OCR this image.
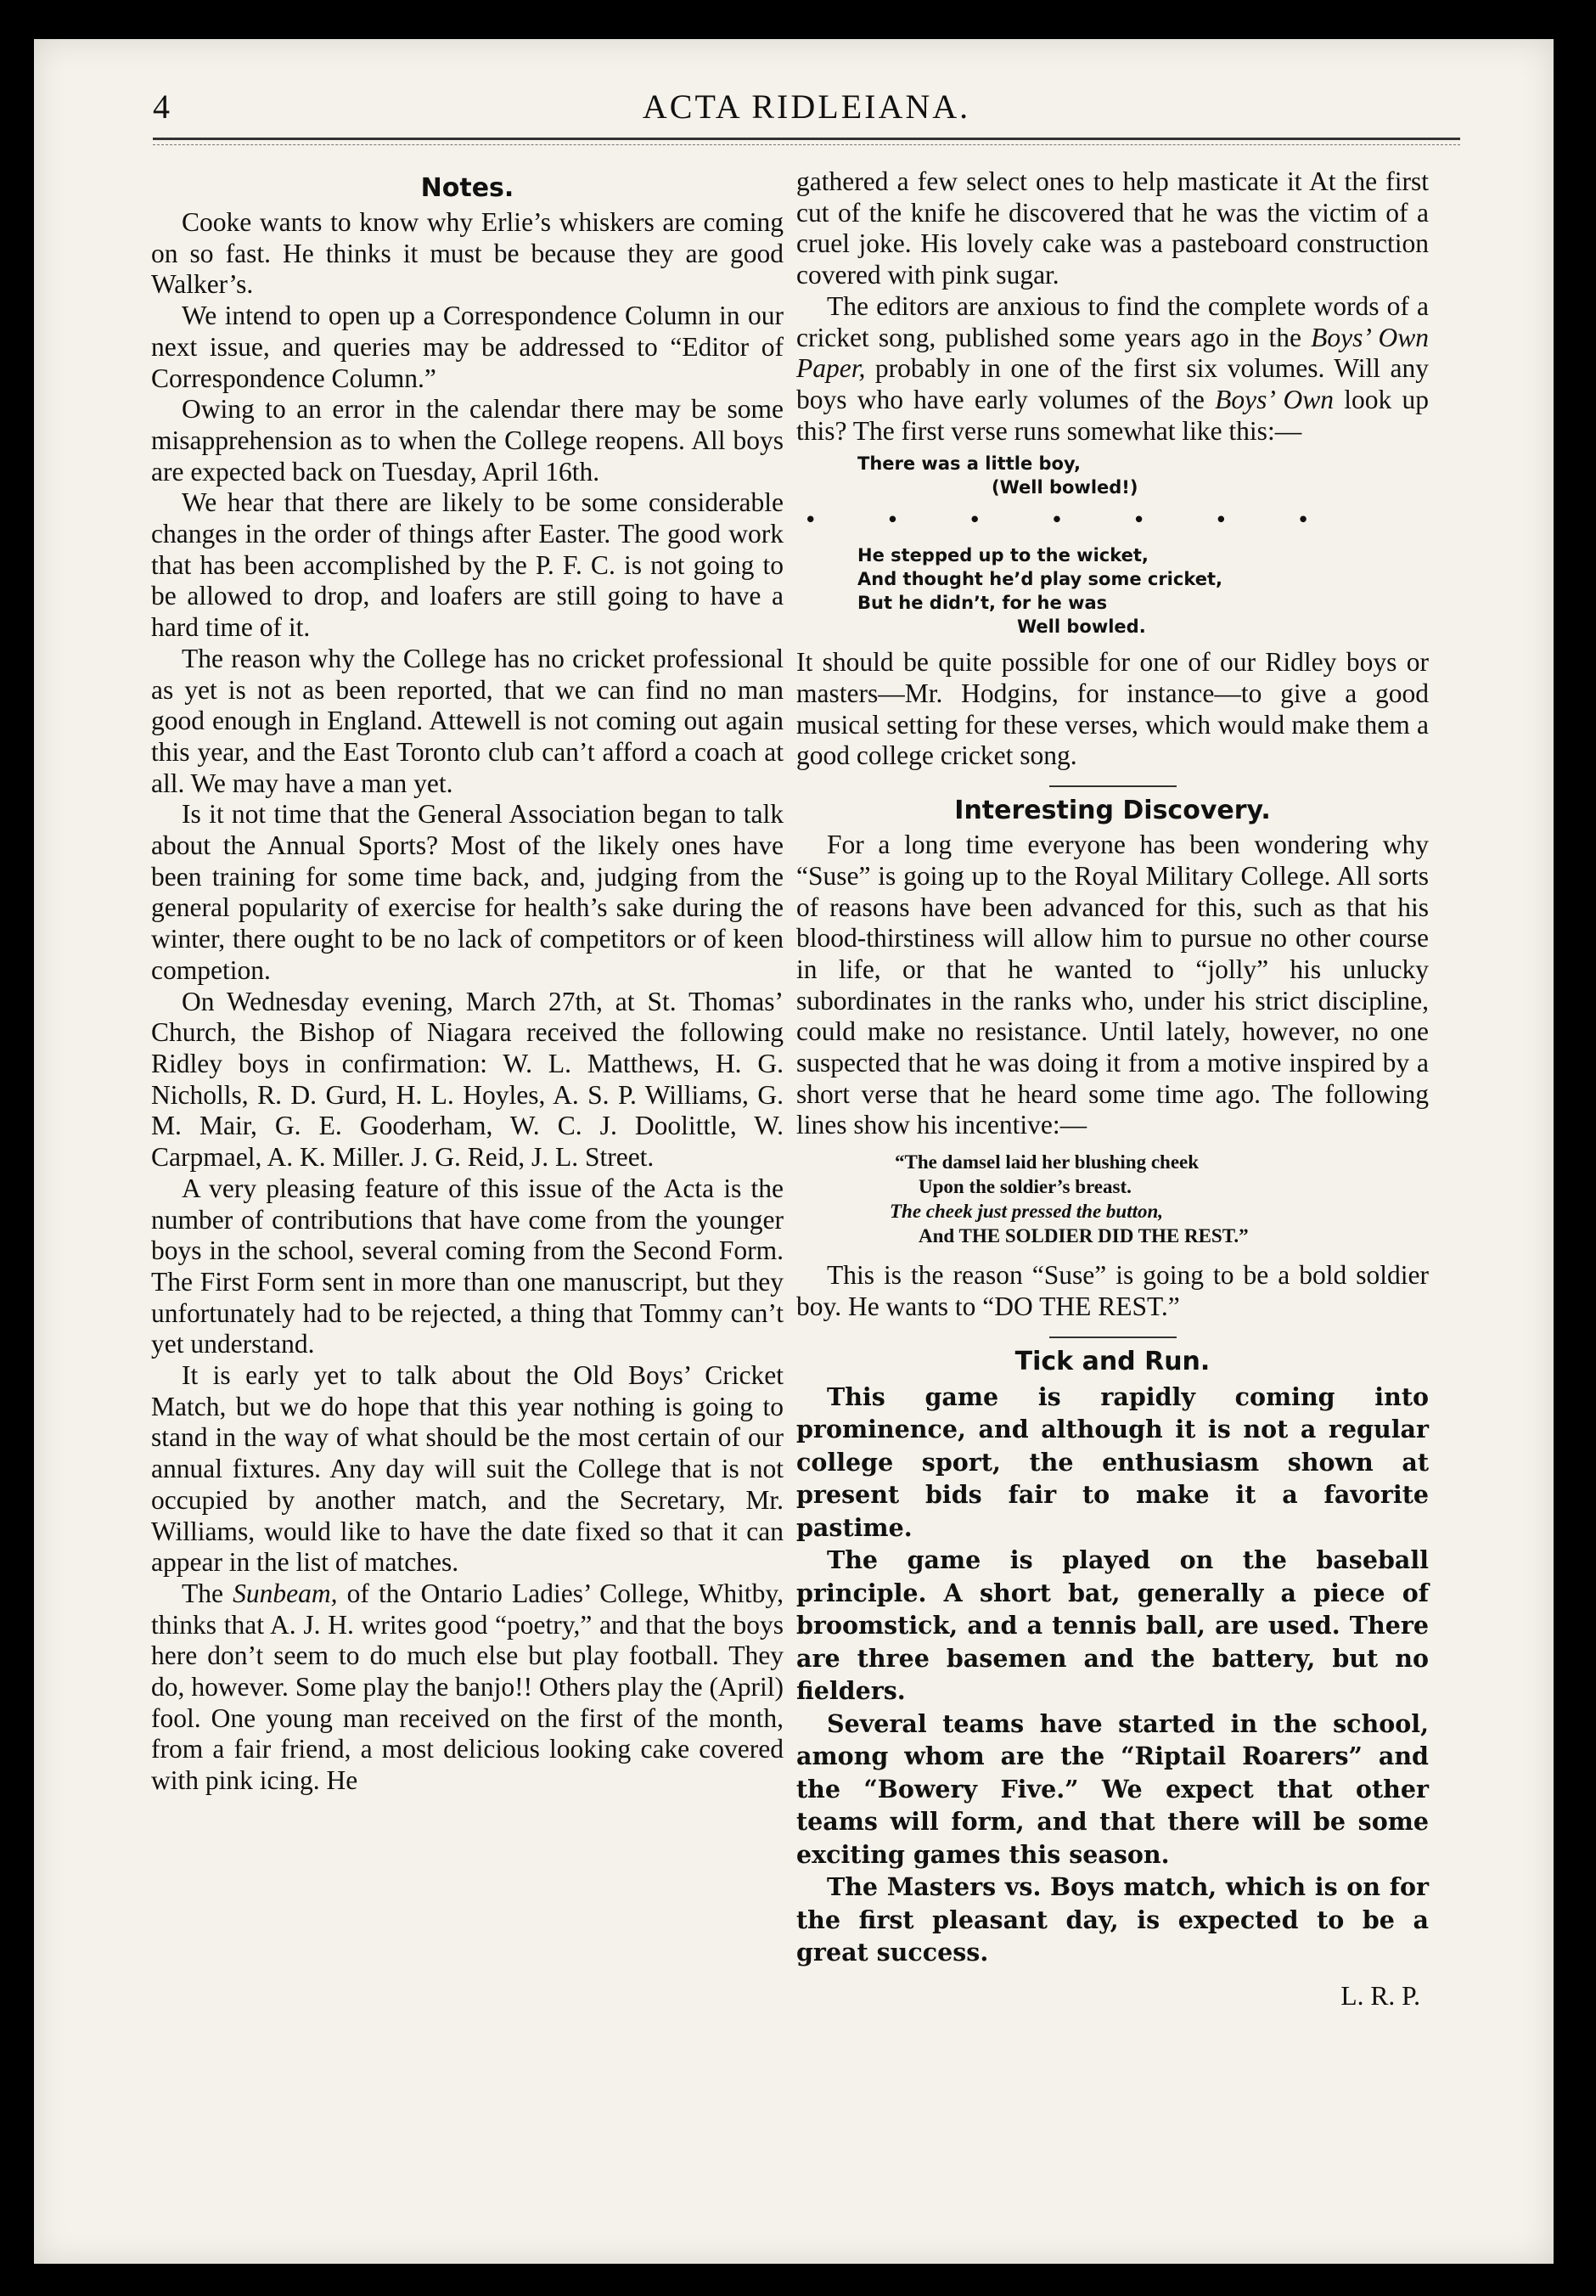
4	ACTA RIDLEIANA.
Notes.

Cooke wants to know why Erlie’s whiskers are coming on so fast. He thinks it must be because they are good Walker’s.

We intend to open up a Correspondence Column in our next issue, and queries may be addressed to “Editor of Correspondence Column.”

Owing to an error in the calendar there may be some misapprehension as to when the College reopens. All boys are expected back on Tuesday, April 16th.

We hear that there are likely to be some considerable changes in the order of things after Easter. The good work that has been accomplished by the P. F. C. is not going to be allowed to drop, and loafers are still going to have a hard time of it.

The reason why the College has no cricket professional as yet is not as been reported, that we can find no man good enough in England. Attewell is not coming out again this year, and the East Toronto club can’t afford a coach at all. We may have a man yet.

Is it not time that the General Association began to talk about the Annual Sports? Most of the likely ones have been training for some time back, and, judging from the general popularity of exercise for health’s sake during the winter, there ought to be no lack of competitors or of keen competion.

On Wednesday evening, March 27th, at St. Thomas’ Church, the Bishop of Niagara received the following Ridley boys in confirmation: W. L. Matthews, H. G. Nicholls, R. D. Gurd, H. L. Hoyles, A. S. P. Williams, G. M. Mair, G. E. Gooderham, W. C. J. Doolittle, W. Carpmael, A. K. Miller. J. G. Reid, J. L. Street.

A very pleasing feature of this issue of the Acta is the number of contributions that have come from the younger boys in the school, several coming from the Second Form. The First Form sent in more than one manuscript, but they unfortunately had to be rejected, a thing that Tommy can’t yet understand.

It is early yet to talk about the Old Boys’ Cricket Match, but we do hope that this year nothing is going to stand in the way of what should be the most certain of our annual fixtures. Any day will suit the College that is not occupied by another match, and the Secretary, Mr. Williams, would like to have the date fixed so that it can appear in the list of matches.

The Sunbeam, of the Ontario Ladies’ College, Whitby, thinks that A. J. H. writes good “poetry,” and that the boys here don’t seem to do much else but play football. They do, however. Some play the banjo!! Others play the (April) fool. One young man received on the first of the month, from a fair friend, a most delicious looking cake covered with pink icing. He

gathered a few select ones to help masticate it At the first cut of the knife he discovered that he was the victim of a cruel joke. His lovely cake was a pasteboard construction covered with pink sugar.

The editors are anxious to find the complete words of a cricket song, published some years ago in the Boys’ Own Paper, probably in one of the first six volumes. Will any boys who have early volumes of the Boys’ Own look up this? The first verse runs somewhat like this:—

There was a little boy,
(Well bowled!)
• • • • • • •
He stepped up to the wicket,
And thought he’d play some cricket,
But he didn’t, for he was
Well bowled.

It should be quite possible for one of our Ridley boys or masters—Mr. Hodgins, for instance—to give a good musical setting for these verses, which would make them a good college cricket song.

Interesting Discovery.

For a long time everyone has been wondering why “Suse” is going up to the Royal Military College. All sorts of reasons have been advanced for this, such as that his blood-thirstiness will allow him to pursue no other course in life, or that he wanted to “jolly” his unlucky subordinates in the ranks who, under his strict discipline, could make no resistance. Until lately, however, no one suspected that he was doing it from a motive inspired by a short verse that he heard some time ago. The following lines show his incentive:—

“The damsel laid her blushing cheek
Upon the soldier’s breast.
The cheek just pressed the button,
And THE SOLDIER DID THE REST.”

This is the reason “Suse” is going to be a bold soldier boy. He wants to “DO THE REST.”

Tick and Run.

This game is rapidly coming into prominence, and although it is not a regular college sport, the enthusiasm shown at present bids fair to make it a favorite pastime.

The game is played on the baseball principle. A short bat, generally a piece of broomstick, and a tennis ball, are used. There are three basemen and the battery, but no fielders.

Several teams have started in the school, among whom are the “Riptail Roarers” and the “Bowery Five.” We expect that other teams will form, and that there will be some exciting games this season.

The Masters vs. Boys match, which is on for the first pleasant day, is expected to be a great success.

L. R. P.
